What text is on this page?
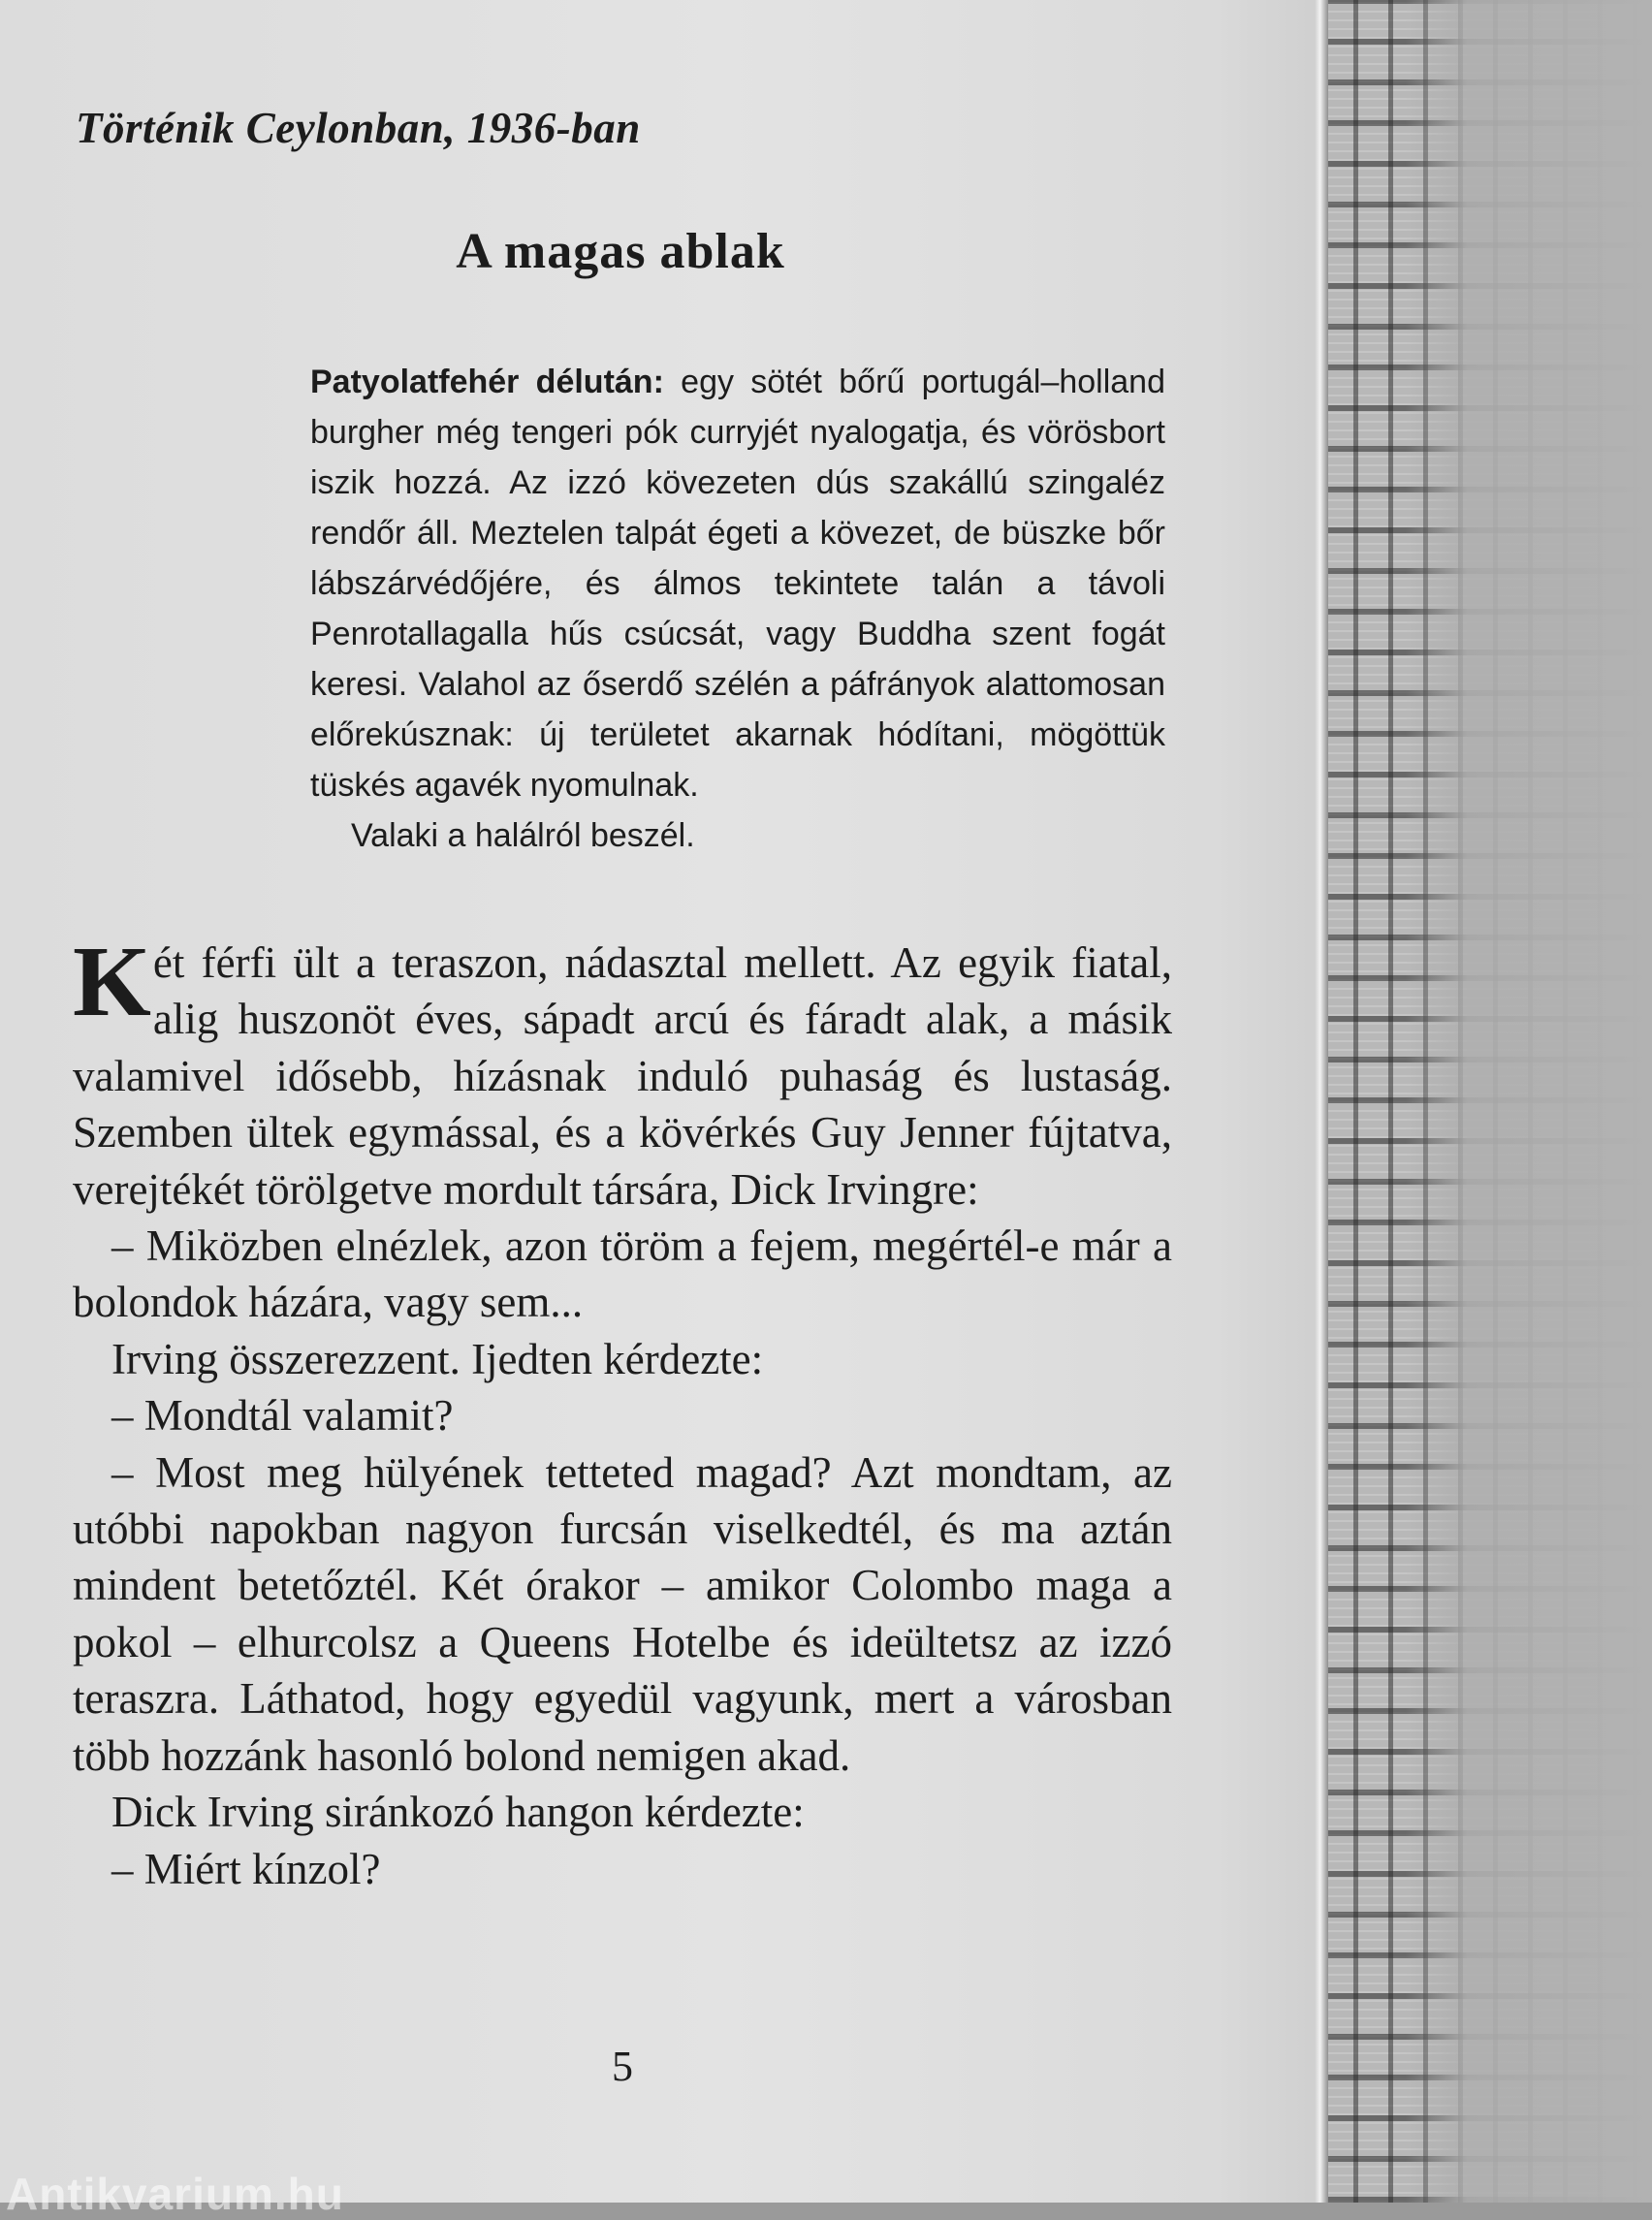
Történik Ceylonban, 1936-ban
A magas ablak

Patyolatfehér délután: egy sötét bőrű portugál–holland burgher még tengeri pók curryjét nyalogatja, és vörösbort iszik hozzá. Az izzó kövezeten dús szakállú szingaléz rendőr áll. Meztelen talpát égeti a kövezet, de büszke bőr lábszárvédőjére, és álmos tekintete talán a távoli Penrotallagalla hűs csúcsát, vagy Buddha szent fogát keresi. Valahol az őserdő szélén a páfrányok alattomosan előrekúsznak: új területet akarnak hódítani, mögöttük tüskés agavék nyomulnak.

Valaki a halálról beszél.

Két férfi ült a teraszon, nádasztal mellett. Az egyik fiatal, alig huszonöt éves, sápadt arcú és fáradt alak, a másik valamivel idősebb, hízásnak induló puhaság és lustaság. Szemben ültek egymással, és a kövérkés Guy Jenner fújtatva, verejtékét törölgetve mordult társára, Dick Irvingre:

– Miközben elnézlek, azon töröm a fejem, megértél-e már a bolondok házára, vagy sem...

Irving összerezzent. Ijedten kérdezte:

– Mondtál valamit?

– Most meg hülyének tetteted magad? Azt mondtam, az utóbbi napokban nagyon furcsán viselkedtél, és ma aztán mindent betetőztél. Két órakor – amikor Colombo maga a pokol – elhurcolsz a Queens Hotelbe és ideültetsz az izzó teraszra. Láthatod, hogy egyedül vagyunk, mert a városban több hozzánk hasonló bolond nemigen akad.

Dick Irving siránkozó hangon kérdezte:

– Miért kínzol?

5
Antikvarium.hu
